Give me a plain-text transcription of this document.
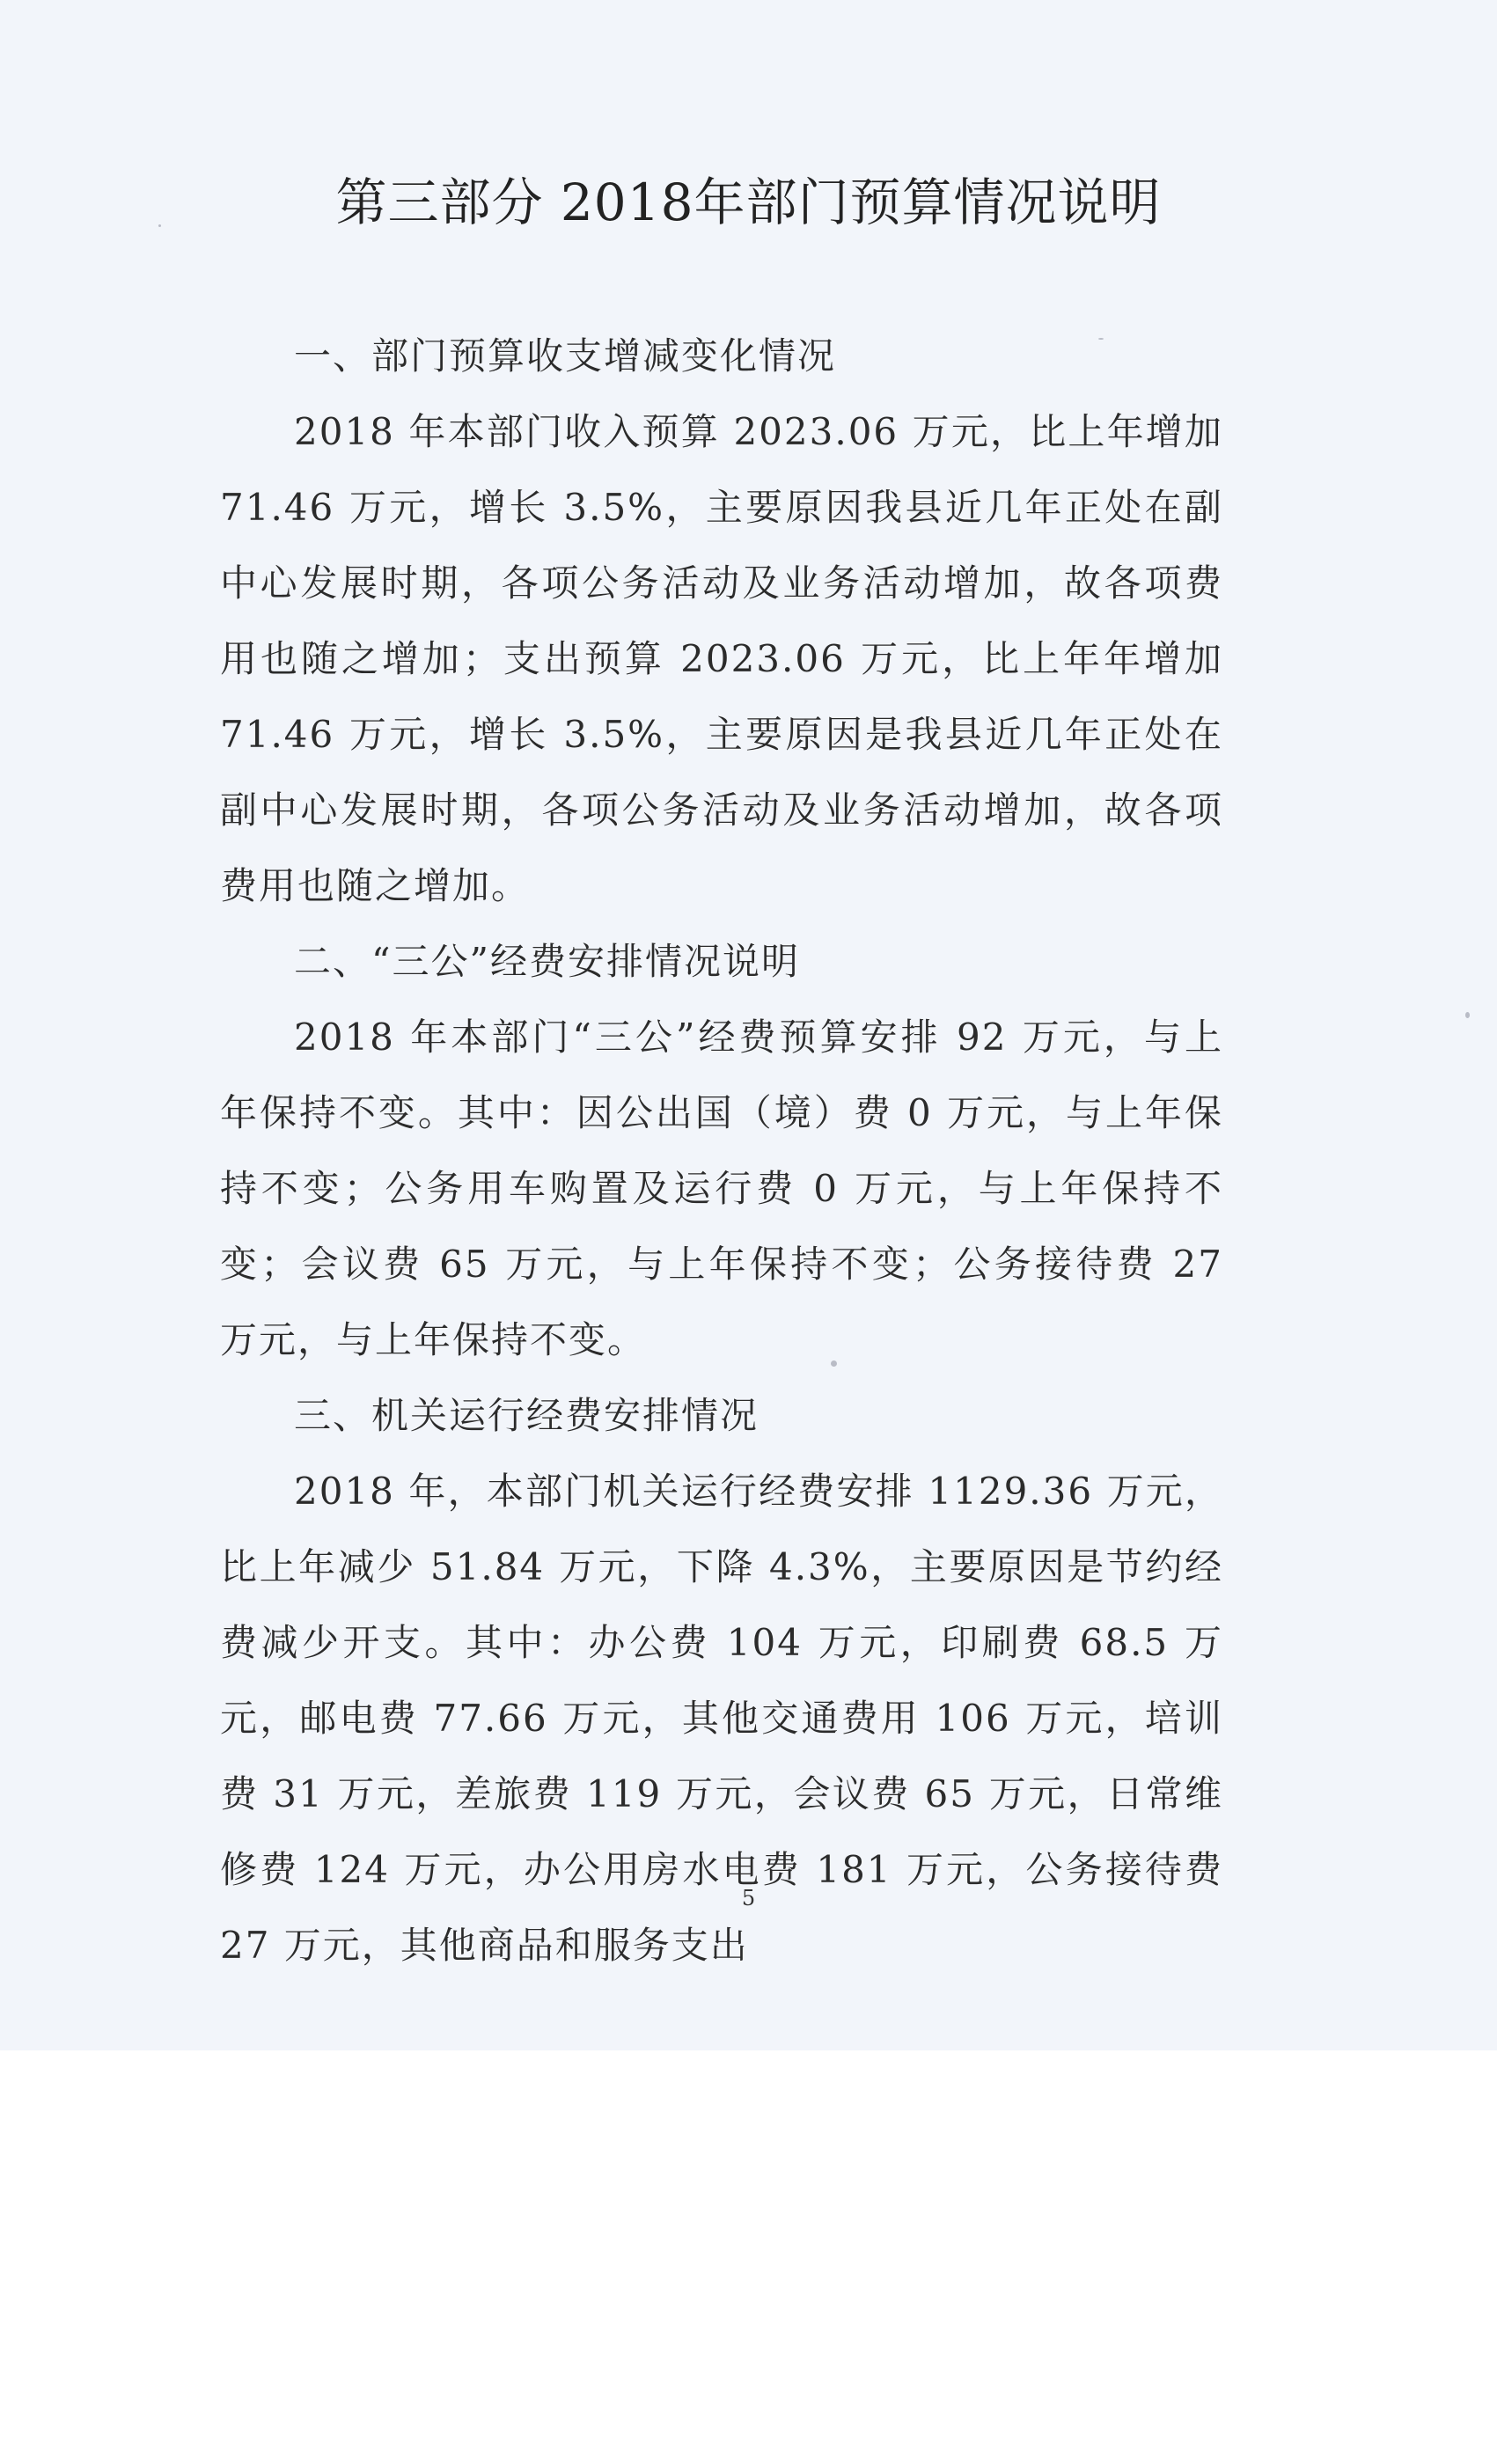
第三部分 2018年部门预算情况说明
一、部门预算收支增减变化情况

2018 年本部门收入预算 2023.06 万元，比上年增加 71.46 万元，增长 3.5%，主要原因我县近几年正处在副中心发展时期，各项公务活动及业务活动增加，故各项费用也随之增加；支出预算 2023.06 万元，比上年年增加 71.46 万元，增长 3.5%，主要原因是我县近几年正处在副中心发展时期，各项公务活动及业务活动增加，故各项费用也随之增加。

二、“三公”经费安排情况说明

2018 年本部门“三公”经费预算安排 92 万元，与上年保持不变。其中：因公出国（境）费 0 万元，与上年保持不变；公务用车购置及运行费 0 万元，与上年保持不变；会议费 65 万元，与上年保持不变；公务接待费 27 万元，与上年保持不变。

三、机关运行经费安排情况

2018 年，本部门机关运行经费安排 1129.36 万元，比上年减少 51.84 万元，下降 4.3%，主要原因是节约经费减少开支。其中：办公费 104 万元，印刷费 68.5 万元，邮电费 77.66 万元，其他交通费用 106 万元，培训费 31 万元，差旅费 119 万元，会议费 65 万元，日常维修费 124 万元，办公用房水电费 181 万元，公务接待费 27 万元，其他商品和服务支出

5
